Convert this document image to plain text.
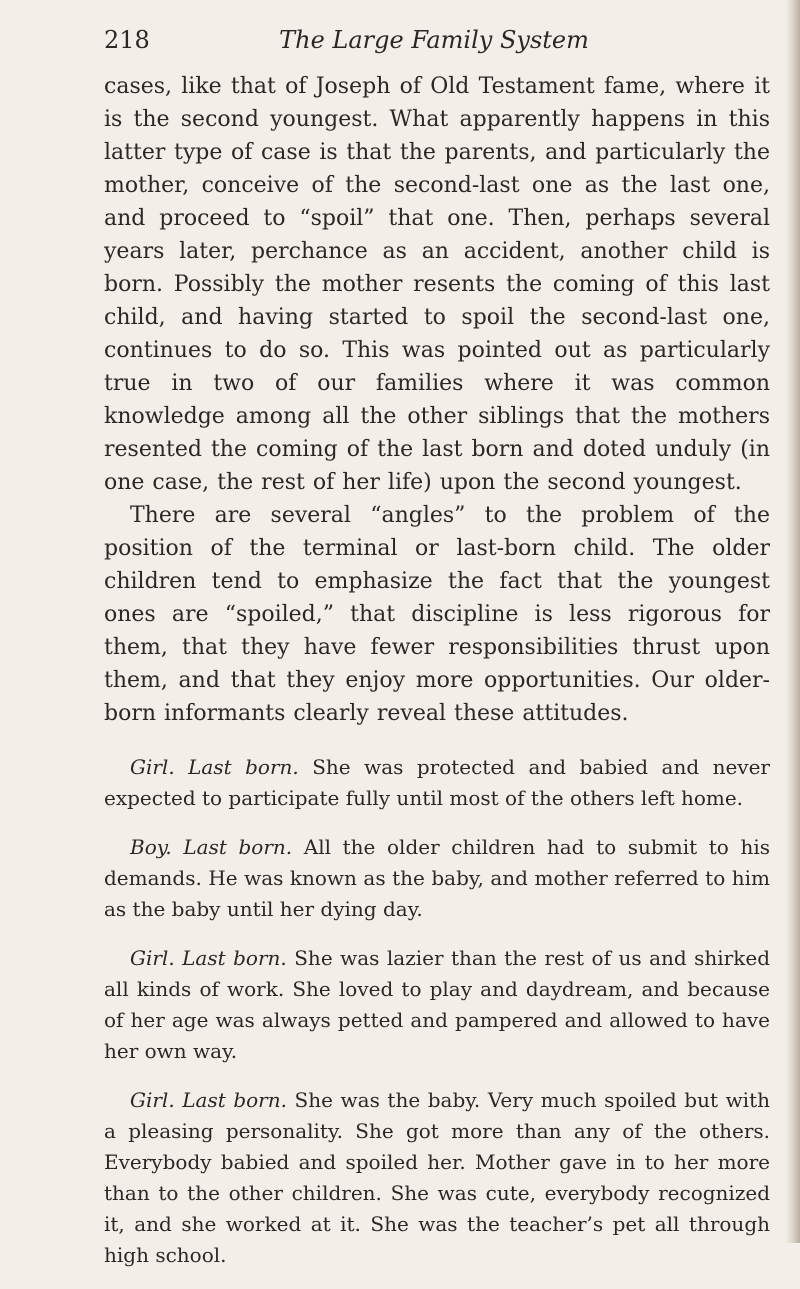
218	The Large Family System

cases, like that of Joseph of Old Testament fame, where it is the second youngest. What apparently happens in this latter type of case is that the parents, and particularly the mother, conceive of the second-last one as the last one, and proceed to “spoil” that one. Then, perhaps several years later, perchance as an accident, another child is born. Possibly the mother resents the coming of this last child, and having started to spoil the second-last one, continues to do so. This was pointed out as particularly true in two of our families where it was common knowledge among all the other siblings that the mothers resented the coming of the last born and doted unduly (in one case, the rest of her life) upon the second youngest.

There are several “angles” to the problem of the position of the terminal or last-born child. The older children tend to emphasize the fact that the youngest ones are “spoiled,” that discipline is less rigorous for them, that they have fewer responsibilities thrust upon them, and that they enjoy more opportunities. Our older-born informants clearly reveal these attitudes.

Girl. Last born. She was protected and babied and never expected to participate fully until most of the others left home.

Boy. Last born. All the older children had to submit to his demands. He was known as the baby, and mother referred to him as the baby until her dying day.

Girl. Last born. She was lazier than the rest of us and shirked all kinds of work. She loved to play and daydream, and because of her age was always petted and pampered and allowed to have her own way.

Girl. Last born. She was the baby. Very much spoiled but with a pleasing personality. She got more than any of the others. Everybody babied and spoiled her. Mother gave in to her more than to the other children. She was cute, everybody recognized it, and she worked at it. She was the teacher’s pet all through high school.
